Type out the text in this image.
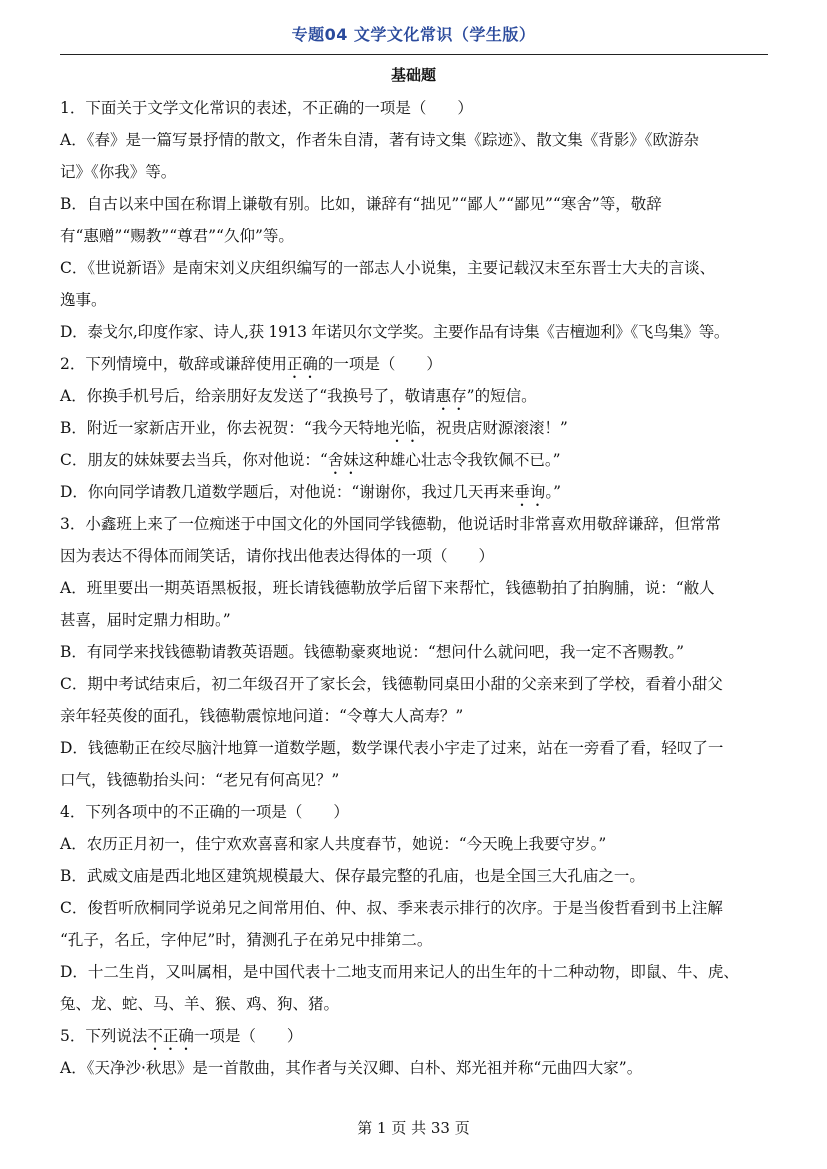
专题04 文学文化常识（学生版）
基础题
1．下面关于文学文化常识的表述，不正确的一项是（　　）
A．《春》是一篇写景抒情的散文，作者朱自清，著有诗文集《踪迹》、散文集《背影》《欧游杂
记》《你我》等。
B．自古以来中国在称谓上谦敬有别。比如，谦辞有“拙见”“鄙人”“鄙见”“寒舍”等，敬辞
有“惠赠”“赐教”“尊君”“久仰”等。
C．《世说新语》是南宋刘义庆组织编写的一部志人小说集，主要记载汉末至东晋士大夫的言谈、
逸事。
D．泰戈尔,印度作家、诗人,获 1913 年诺贝尔文学奖。主要作品有诗集《吉檀迦利》《飞鸟集》等。
2．下列情境中，敬辞或谦辞使用正确的一项是（　　）
A．你换手机号后，给亲朋好友发送了“我换号了，敬请惠存”的短信。
B．附近一家新店开业，你去祝贺：“我今天特地光临，祝贵店财源滚滚！”
C．朋友的妹妹要去当兵，你对他说：“舍妹这种雄心壮志令我钦佩不已。”
D．你向同学请教几道数学题后，对他说：“谢谢你，我过几天再来垂询。”
3．小鑫班上来了一位痴迷于中国文化的外国同学钱德勒，他说话时非常喜欢用敬辞谦辞，但常常
因为表达不得体而闹笑话，请你找出他表达得体的一项（　　）
A．班里要出一期英语黑板报，班长请钱德勒放学后留下来帮忙，钱德勒拍了拍胸脯，说：“敝人
甚喜，届时定鼎力相助。”
B．有同学来找钱德勒请教英语题。钱德勒豪爽地说：“想问什么就问吧，我一定不吝赐教。”
C．期中考试结束后，初二年级召开了家长会，钱德勒同桌田小甜的父亲来到了学校，看着小甜父
亲年轻英俊的面孔，钱德勒震惊地问道：“令尊大人高寿？”
D．钱德勒正在绞尽脑汁地算一道数学题，数学课代表小宇走了过来，站在一旁看了看，轻叹了一
口气，钱德勒抬头问：“老兄有何高见？”
4．下列各项中的不正确的一项是（　　）
A．农历正月初一，佳宁欢欢喜喜和家人共度春节，她说：“今天晚上我要守岁。”
B．武威文庙是西北地区建筑规模最大、保存最完整的孔庙，也是全国三大孔庙之一。
C．俊哲听欣桐同学说弟兄之间常用伯、仲、叔、季来表示排行的次序。于是当俊哲看到书上注解
“孔子，名丘，字仲尼”时，猜测孔子在弟兄中排第二。
D．十二生肖，又叫属相，是中国代表十二地支而用来记人的出生年的十二种动物，即鼠、牛、虎、
兔、龙、蛇、马、羊、猴、鸡、狗、猪。
5．下列说法不正确一项是（　　）
A．《天净沙·秋思》是一首散曲，其作者与关汉卿、白朴、郑光祖并称“元曲四大家”。
第 1 页 共 33 页
